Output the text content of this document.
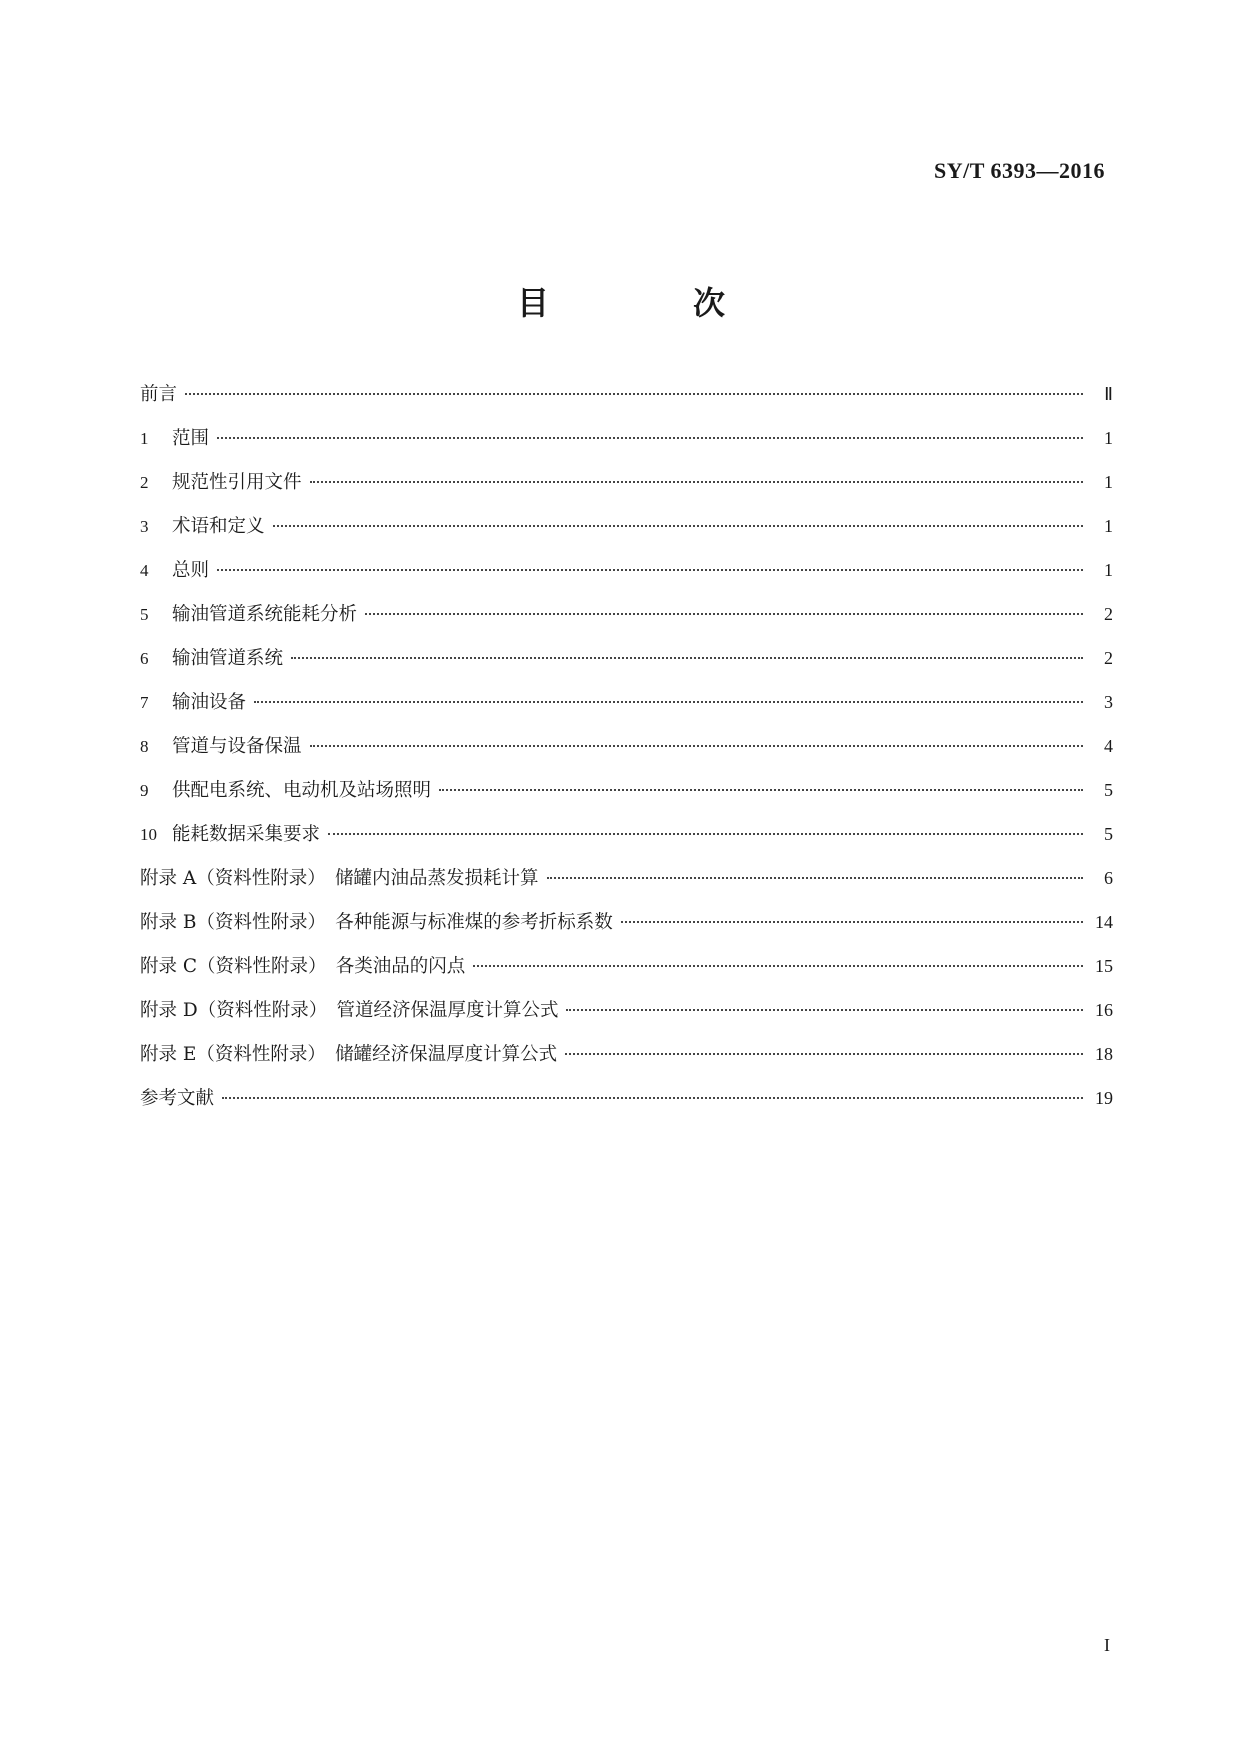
SY/T 6393—2016
目　次
前言	Ⅱ
1	范围	1
2	规范性引用文件	1
3	术语和定义	1
4	总则	1
5	输油管道系统能耗分析	2
6	输油管道系统	2
7	输油设备	3
8	管道与设备保温	4
9	供配电系统、电动机及站场照明	5
10 能耗数据采集要求	5
附录 A（资料性附录）　储罐内油品蒸发损耗计算	6
附录 B（资料性附录）　各种能源与标准煤的参考折标系数	14
附录 C（资料性附录）　各类油品的闪点	15
附录 D（资料性附录）　管道经济保温厚度计算公式	16
附录 E（资料性附录）　储罐经济保温厚度计算公式	18
参考文献	19
I
